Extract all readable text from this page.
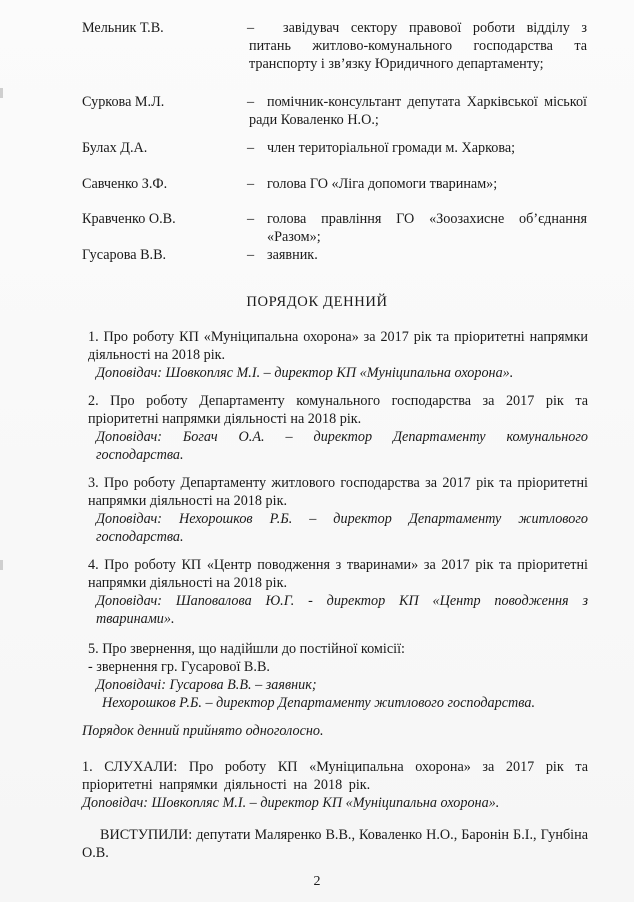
Мельник Т.В.	–	завідувач сектору правової роботи відділу з питань житлово-комунального господарства та транспорту і зв’язку Юридичного департаменту;
Суркова М.Л.	– помічник-консультант депутата Харківської міської ради Коваленко Н.О.;
Булах Д.А.	– член територіальної громади м. Харкова;
Савченко З.Ф.	– голова ГО «Ліга допомоги тваринам»;
Кравченко О.В.	– голова правління ГО «Зоозахисне об’єднання «Разом»;
Гусарова В.В.	– заявник.
ПОРЯДОК ДЕННИЙ
1. Про роботу КП «Муніципальна охорона» за 2017 рік та пріоритетні напрямки діяльності на 2018 рік.
Доповідач: Шовкопляс М.І. – директор КП «Муніципальна охорона».
2. Про роботу Департаменту комунального господарства за 2017 рік та пріоритетні напрямки діяльності на 2018 рік.
Доповідач: Богач О.А. – директор Департаменту комунального господарства.
3. Про роботу Департаменту житлового господарства за 2017 рік та пріоритетні напрямки діяльності на 2018 рік.
Доповідач: Нехорошков Р.Б. – директор Департаменту житлового господарства.
4. Про роботу КП «Центр поводження з тваринами» за 2017 рік та пріоритетні напрямки діяльності на 2018 рік.
Доповідач: Шаповалова Ю.Г. - директор КП «Центр поводження з тваринами».
5. Про звернення, що надійшли до постійної комісії:
- звернення гр. Гусарової В.В.
Доповідачі: Гусарова В.В. – заявник;
Нехорошков Р.Б. – директор Департаменту житлового господарства.
Порядок денний прийнято одноголосно.
1. СЛУХАЛИ: Про роботу КП «Муніципальна охорона» за 2017 рік та пріоритетні напрямки діяльності на 2018 рік.
Доповідач: Шовкопляс М.І. – директор КП «Муніципальна охорона».
ВИСТУПИЛИ: депутати Маляренко В.В., Коваленко Н.О., Баронін Б.І., Гунбіна О.В.
2
